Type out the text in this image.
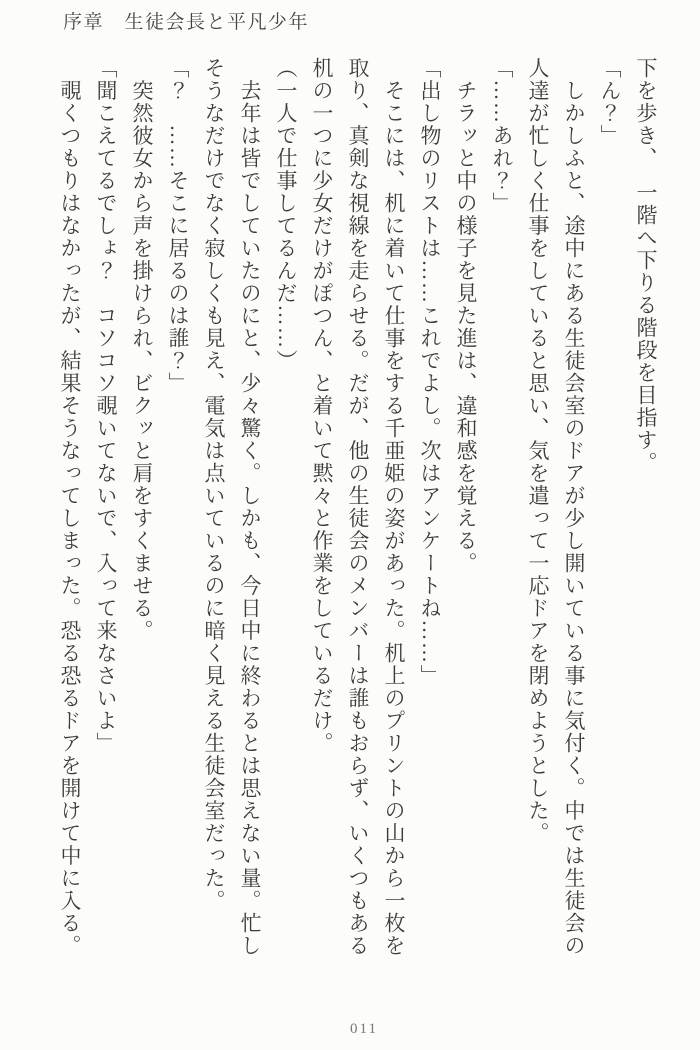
序章　生徒会長と平凡少年

下を歩き、　一階へ下りる階段を目指す。

「ん？」

　しかしふと、途中にある生徒会室のドアが少し開いている事に気付く。中では生徒会の

人達が忙しく仕事をしていると思い、気を遣って一応ドアを閉めようとした。

「……あれ？」

　チラッと中の様子を見た進は、違和感を覚える。

「出し物のリストは……これでよし。次はアンケートね……」

　そこには、机に着いて仕事をする千亜姫の姿があった。机上のプリントの山から一枚を

取り、真剣な視線を走らせる。だが、他の生徒会のメンバーは誰もおらず、いくつもある

机の一つに少女だけがぽつん、と着いて黙々と作業をしているだけ。

（一人で仕事してるんだ……）

　去年は皆でしていたのにと、少々驚く。しかも、今日中に終わるとは思えない量。忙し

そうなだけでなく寂しくも見え、電気は点いているのに暗く見える生徒会室だった。

「？　……そこに居るのは誰？」

　突然彼女から声を掛けられ、ビクッと肩をすくませる。

「聞こえてるでしょ？　コソコソ覗いてないで、入って来なさいよ」

　覗くつもりはなかったが、結果そうなってしまった。恐る恐るドアを開けて中に入る。

011
